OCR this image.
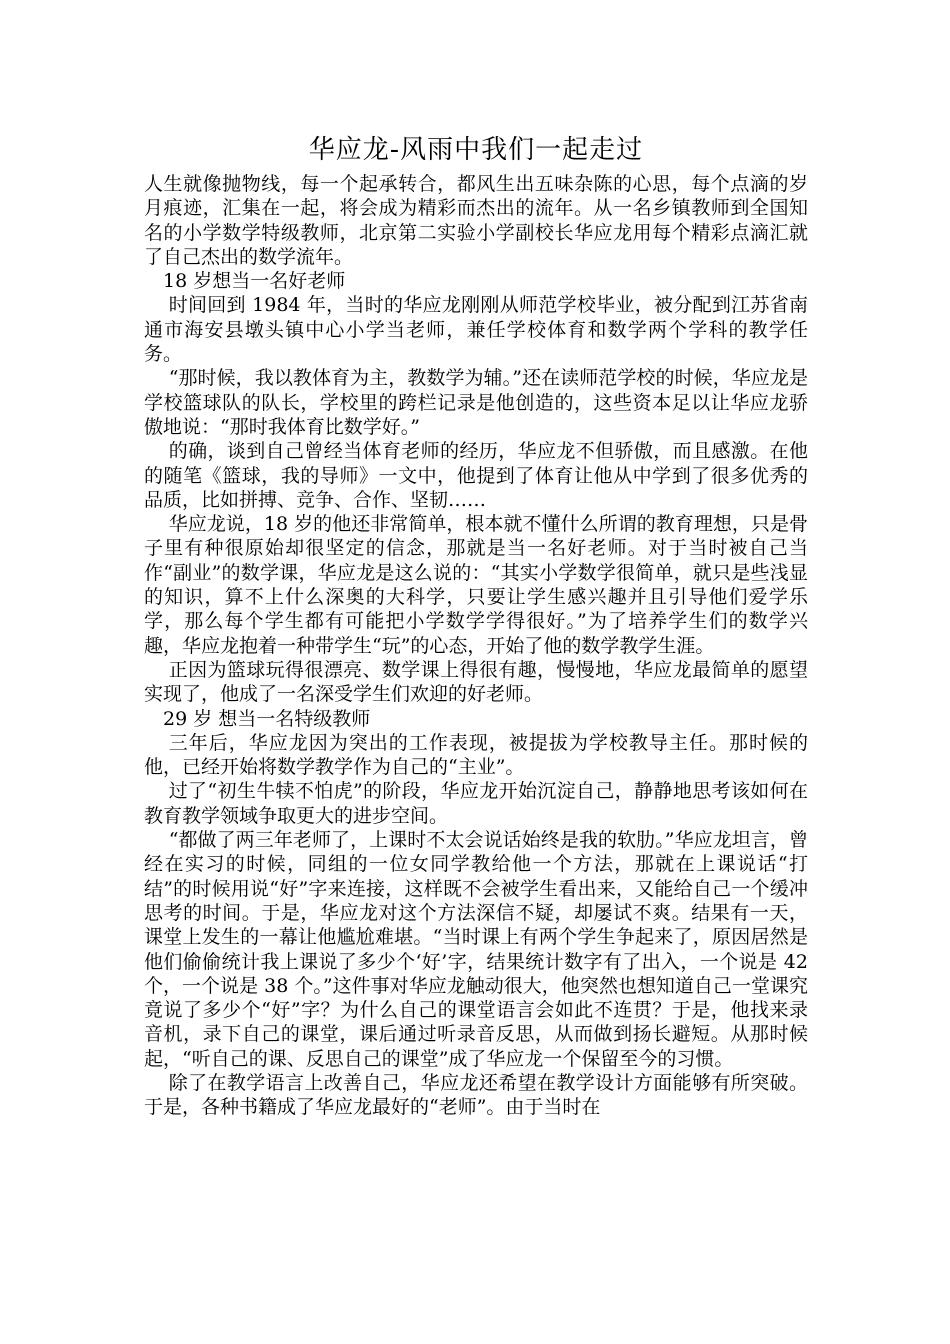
华应龙-风雨中我们一起走过

人生就像抛物线，每一个起承转合，都风生出五味杂陈的心思，每个点滴的岁月痕迹，汇集在一起，将会成为精彩而杰出的流年。从一名乡镇教师到全国知名的小学数学特级教师，北京第二实验小学副校长华应龙用每个精彩点滴汇就了自己杰出的数学流年。

18 岁想当一名好老师

时间回到 1984 年，当时的华应龙刚刚从师范学校毕业，被分配到江苏省南通市海安县墩头镇中心小学当老师，兼任学校体育和数学两个学科的教学任务。

“那时候，我以教体育为主，教数学为辅。”还在读师范学校的时候，华应龙是学校篮球队的队长，学校里的跨栏记录是他创造的，这些资本足以让华应龙骄傲地说：“那时我体育比数学好。”

的确，谈到自己曾经当体育老师的经历，华应龙不但骄傲，而且感激。在他的随笔《篮球，我的导师》一文中，他提到了体育让他从中学到了很多优秀的品质，比如拼搏、竞争、合作、坚韧……

华应龙说，18 岁的他还非常简单，根本就不懂什么所谓的教育理想，只是骨子里有种很原始却很坚定的信念，那就是当一名好老师。对于当时被自己当作“副业”的数学课，华应龙是这么说的：“其实小学数学很简单，就只是些浅显的知识，算不上什么深奥的大科学，只要让学生感兴趣并且引导他们爱学乐学，那么每个学生都有可能把小学数学学得很好。”为了培养学生们的数学兴趣，华应龙抱着一种带学生“玩”的心态，开始了他的数学教学生涯。

正因为篮球玩得很漂亮、数学课上得很有趣，慢慢地，华应龙最简单的愿望实现了，他成了一名深受学生们欢迎的好老师。

29 岁 想当一名特级教师

三年后，华应龙因为突出的工作表现，被提拔为学校教导主任。那时候的他，已经开始将数学教学作为自己的“主业”。

过了“初生牛犊不怕虎”的阶段，华应龙开始沉淀自己，静静地思考该如何在教育教学领域争取更大的进步空间。

“都做了两三年老师了，上课时不太会说话始终是我的软肋。”华应龙坦言，曾经在实习的时候，同组的一位女同学教给他一个方法，那就在上课说话“打结”的时候用说“好”字来连接，这样既不会被学生看出来，又能给自己一个缓冲思考的时间。于是，华应龙对这个方法深信不疑，却屡试不爽。结果有一天，课堂上发生的一幕让他尴尬难堪。“当时课上有两个学生争起来了，原因居然是他们偷偷统计我上课说了多少个‘好’字，结果统计数字有了出入，一个说是 42 个，一个说是 38 个。”这件事对华应龙触动很大，他突然也想知道自己一堂课究竟说了多少个“好”字？为什么自己的课堂语言会如此不连贯？于是，他找来录音机，录下自己的课堂，课后通过听录音反思，从而做到扬长避短。从那时候起，“听自己的课、反思自己的课堂”成了华应龙一个保留至今的习惯。

除了在教学语言上改善自己，华应龙还希望在教学设计方面能够有所突破。于是，各种书籍成了华应龙最好的“老师”。由于当时在
